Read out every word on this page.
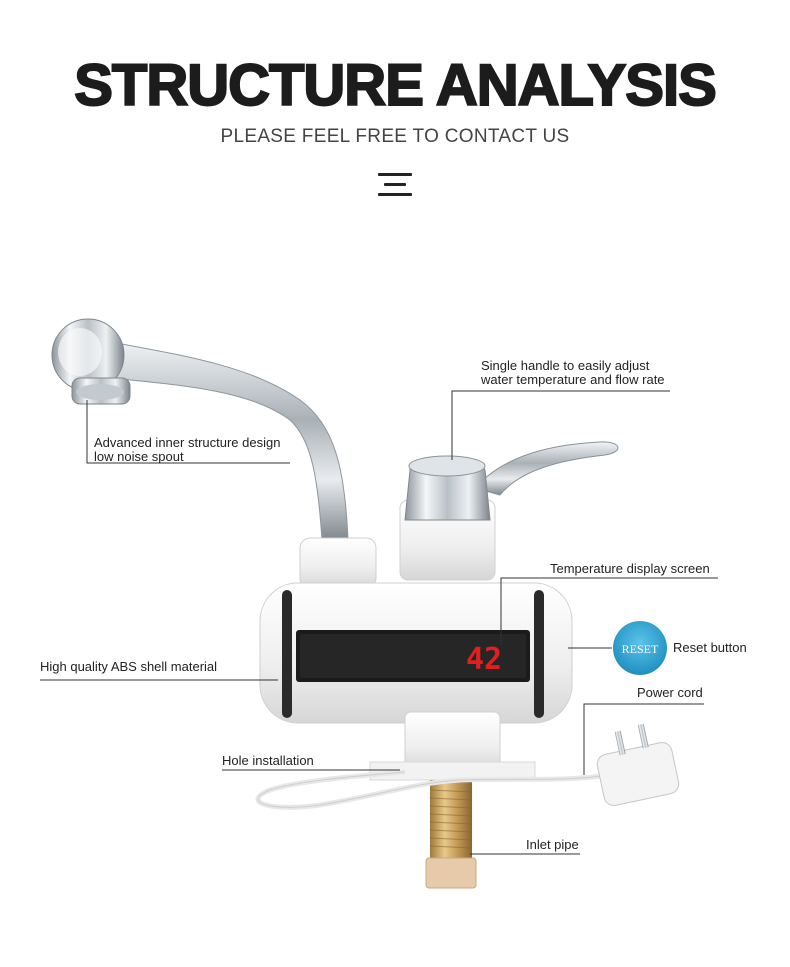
STRUCTURE ANALYSIS
PLEASE FEEL FREE TO CONTACT US
42	RESET
Single handle to easily adjust
water temperature and flow rate
Advanced inner structure design
low noise spout
Temperature display screen
High quality ABS shell material
Reset button
Power cord
Hole installation
Inlet pipe
